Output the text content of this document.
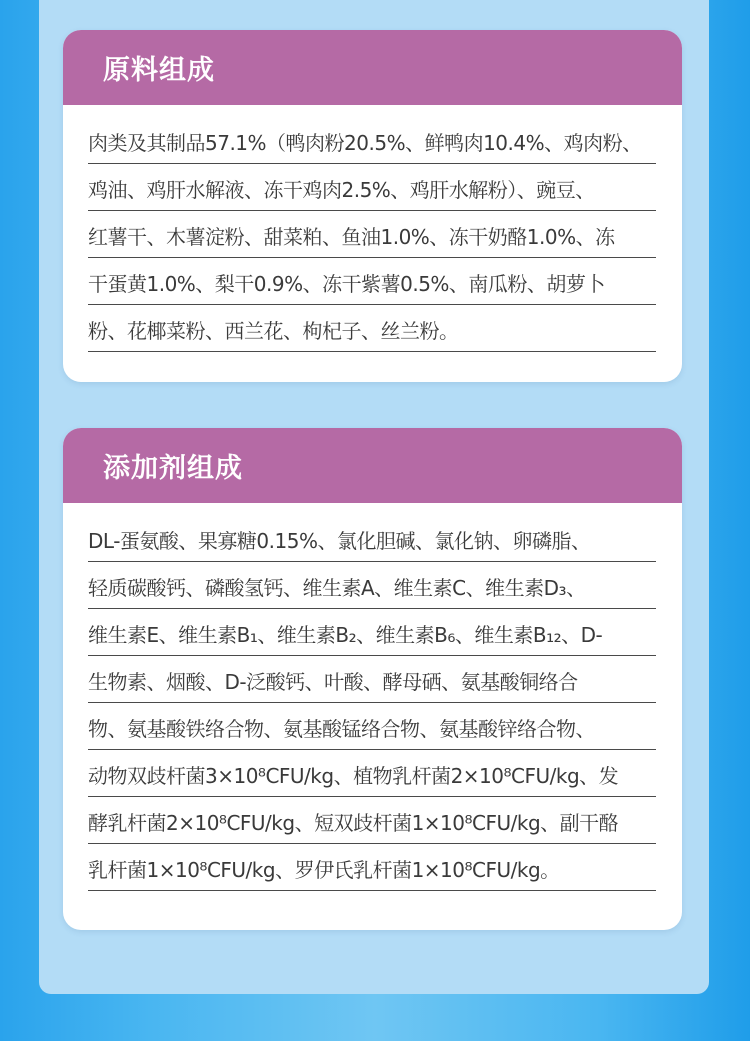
原料组成
肉类及其制品57.1%（鸭肉粉20.5%、鲜鸭肉10.4%、鸡肉粉、
鸡油、鸡肝水解液、冻干鸡肉2.5%、鸡肝水解粉）、豌豆、
红薯干、木薯淀粉、甜菜粕、鱼油1.0%、冻干奶酪1.0%、冻
干蛋黄1.0%、梨干0.9%、冻干紫薯0.5%、南瓜粉、胡萝卜
粉、花椰菜粉、西兰花、枸杞子、丝兰粉。
添加剂组成
DL-蛋氨酸、果寡糖0.15%、氯化胆碱、氯化钠、卵磷脂、
轻质碳酸钙、磷酸氢钙、维生素A、维生素C、维生素D₃、
维生素E、维生素B₁、维生素B₂、维生素B₆、维生素B₁₂、D-
生物素、烟酸、D-泛酸钙、叶酸、酵母硒、氨基酸铜络合
物、氨基酸铁络合物、氨基酸锰络合物、氨基酸锌络合物、
动物双歧杆菌3×10⁸CFU/kg、植物乳杆菌2×10⁸CFU/kg、发
酵乳杆菌2×10⁸CFU/kg、短双歧杆菌1×10⁸CFU/kg、副干酪
乳杆菌1×10⁸CFU/kg、罗伊氏乳杆菌1×10⁸CFU/kg。
